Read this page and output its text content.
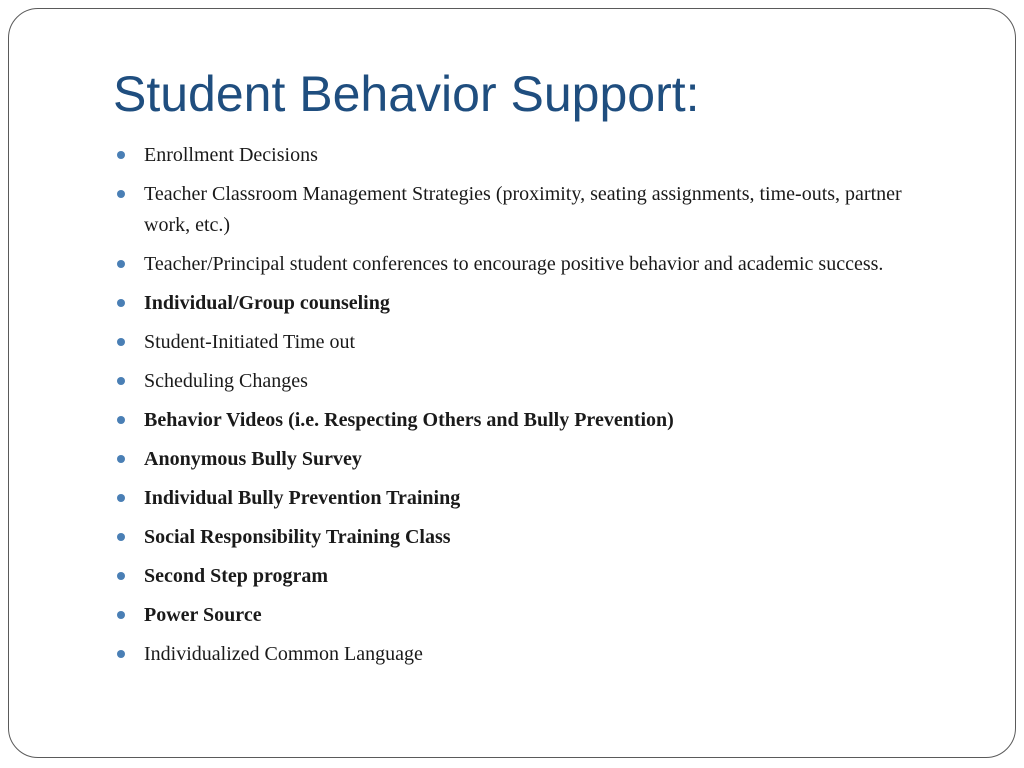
Student Behavior Support:
Enrollment Decisions
Teacher Classroom Management Strategies (proximity, seating assignments, time-outs, partner work, etc.)
Teacher/Principal student conferences to encourage positive behavior and academic success.
Individual/Group counseling
Student-Initiated Time out
Scheduling Changes
Behavior Videos (i.e. Respecting Others and Bully Prevention)
Anonymous Bully Survey
Individual Bully Prevention Training
Social Responsibility Training Class
Second Step program
Power Source
Individualized Common Language
